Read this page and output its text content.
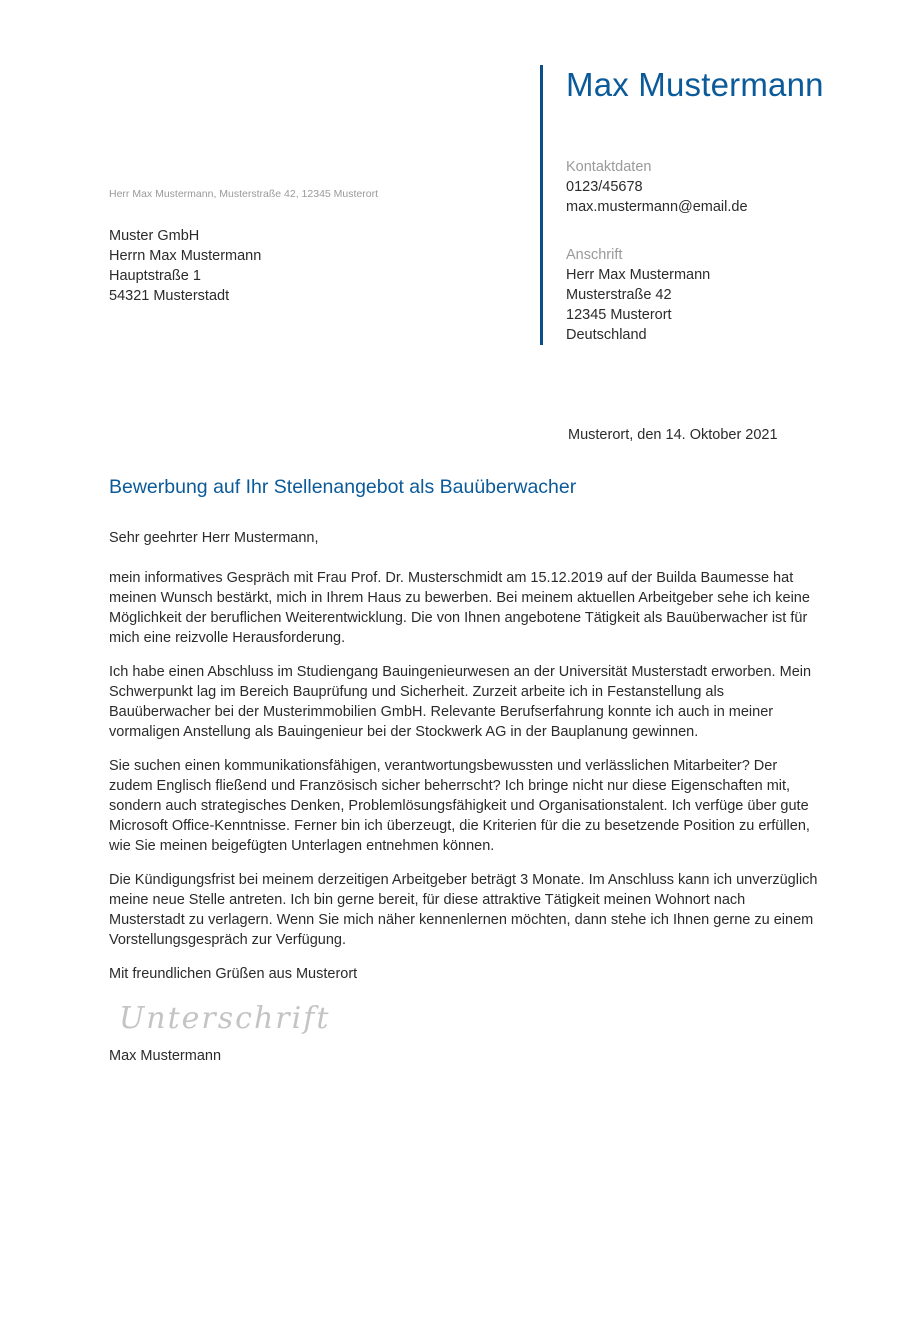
Max Mustermann
Kontaktdaten
0123/45678
max.mustermann@email.de
Anschrift
Herr Max Mustermann
Musterstraße 42
12345 Musterort
Deutschland
Herr Max Mustermann, Musterstraße 42, 12345 Musterort
Muster GmbH
Herrn Max Mustermann
Hauptstraße 1
54321 Musterstadt
Musterort, den 14. Oktober 2021
Bewerbung auf Ihr Stellenangebot als Bauüberwacher

Sehr geehrter Herr Mustermann,

mein informatives Gespräch mit Frau Prof. Dr. Musterschmidt am 15.12.2019 auf der Builda Baumesse hat meinen Wunsch bestärkt, mich in Ihrem Haus zu bewerben. Bei meinem aktuellen Arbeitgeber sehe ich keine Möglichkeit der beruflichen Weiterentwicklung. Die von Ihnen angebotene Tätigkeit als Bauüberwacher ist für mich eine reizvolle Herausforderung.

Ich habe einen Abschluss im Studiengang Bauingenieurwesen an der Universität Musterstadt erworben. Mein Schwerpunkt lag im Bereich Bauprüfung und Sicherheit. Zurzeit arbeite ich in Festanstellung als Bauüberwacher bei der Musterimmobilien GmbH. Relevante Berufserfahrung konnte ich auch in meiner vormaligen Anstellung als Bauingenieur bei der Stockwerk AG in der Bauplanung gewinnen.

Sie suchen einen kommunikationsfähigen, verantwortungsbewussten und verlässlichen Mitarbeiter? Der zudem Englisch fließend und Französisch sicher beherrscht? Ich bringe nicht nur diese Eigenschaften mit, sondern auch strategisches Denken, Problemlösungsfähigkeit und Organisationstalent. Ich verfüge über gute Microsoft Office-Kenntnisse. Ferner bin ich überzeugt, die Kriterien für die zu besetzende Position zu erfüllen, wie Sie meinen beigefügten Unterlagen entnehmen können.

Die Kündigungsfrist bei meinem derzeitigen Arbeitgeber beträgt 3 Monate. Im Anschluss kann ich unverzüglich meine neue Stelle antreten. Ich bin gerne bereit, für diese attraktive Tätigkeit meinen Wohnort nach Musterstadt zu verlagern. Wenn Sie mich näher kennenlernen möchten, dann stehe ich Ihnen gerne zu einem Vorstellungsgespräch zur Verfügung.

Mit freundlichen Grüßen aus Musterort

Unterschrift
Max Mustermann
